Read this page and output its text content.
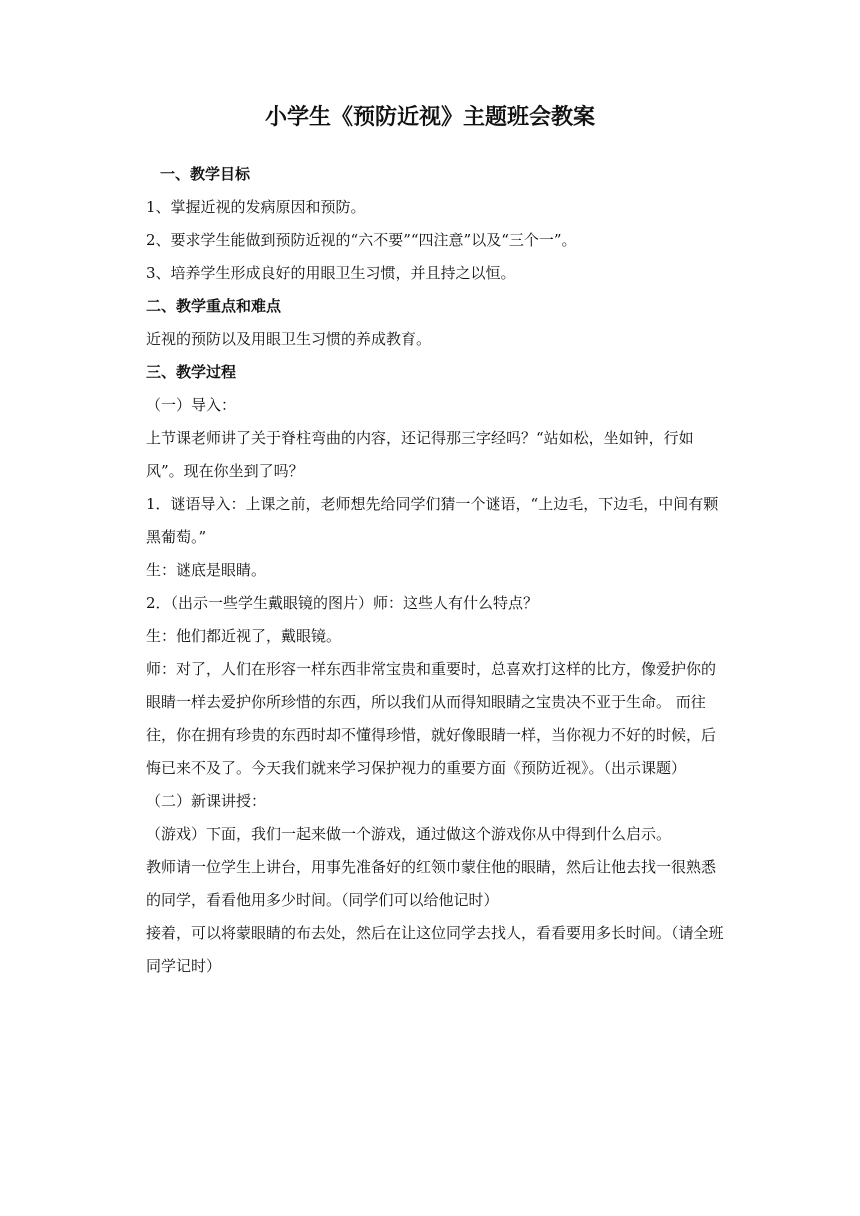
小学生《预防近视》主题班会教案

一、教学目标

1、掌握近视的发病原因和预防。

2、要求学生能做到预防近视的“六不要”“四注意”以及“三个一”。

3、培养学生形成良好的用眼卫生习惯，并且持之以恒。

二、教学重点和难点

近视的预防以及用眼卫生习惯的养成教育。

三、教学过程

（一）导入：

上节课老师讲了关于脊柱弯曲的内容，还记得那三字经吗？“站如松，坐如钟，行如风”。现在你坐到了吗？

1．谜语导入：上课之前，老师想先给同学们猜一个谜语，“上边毛，下边毛，中间有颗黑葡萄。”

生：谜底是眼睛。

2．（出示一些学生戴眼镜的图片）师：这些人有什么特点？

生：他们都近视了，戴眼镜。

师：对了，人们在形容一样东西非常宝贵和重要时，总喜欢打这样的比方，像爱护你的眼睛一样去爱护你所珍惜的东西，所以我们从而得知眼睛之宝贵决不亚于生命。 而往往，你在拥有珍贵的东西时却不懂得珍惜，就好像眼睛一样，当你视力不好的时候，后悔已来不及了。今天我们就来学习保护视力的重要方面《预防近视》。（出示课题）

（二）新课讲授：

（游戏）下面，我们一起来做一个游戏，通过做这个游戏你从中得到什么启示。

教师请一位学生上讲台，用事先准备好的红领巾蒙住他的眼睛，然后让他去找一很熟悉的同学，看看他用多少时间。（同学们可以给他记时）

接着，可以将蒙眼睛的布去处，然后在让这位同学去找人，看看要用多长时间。（请全班同学记时）
